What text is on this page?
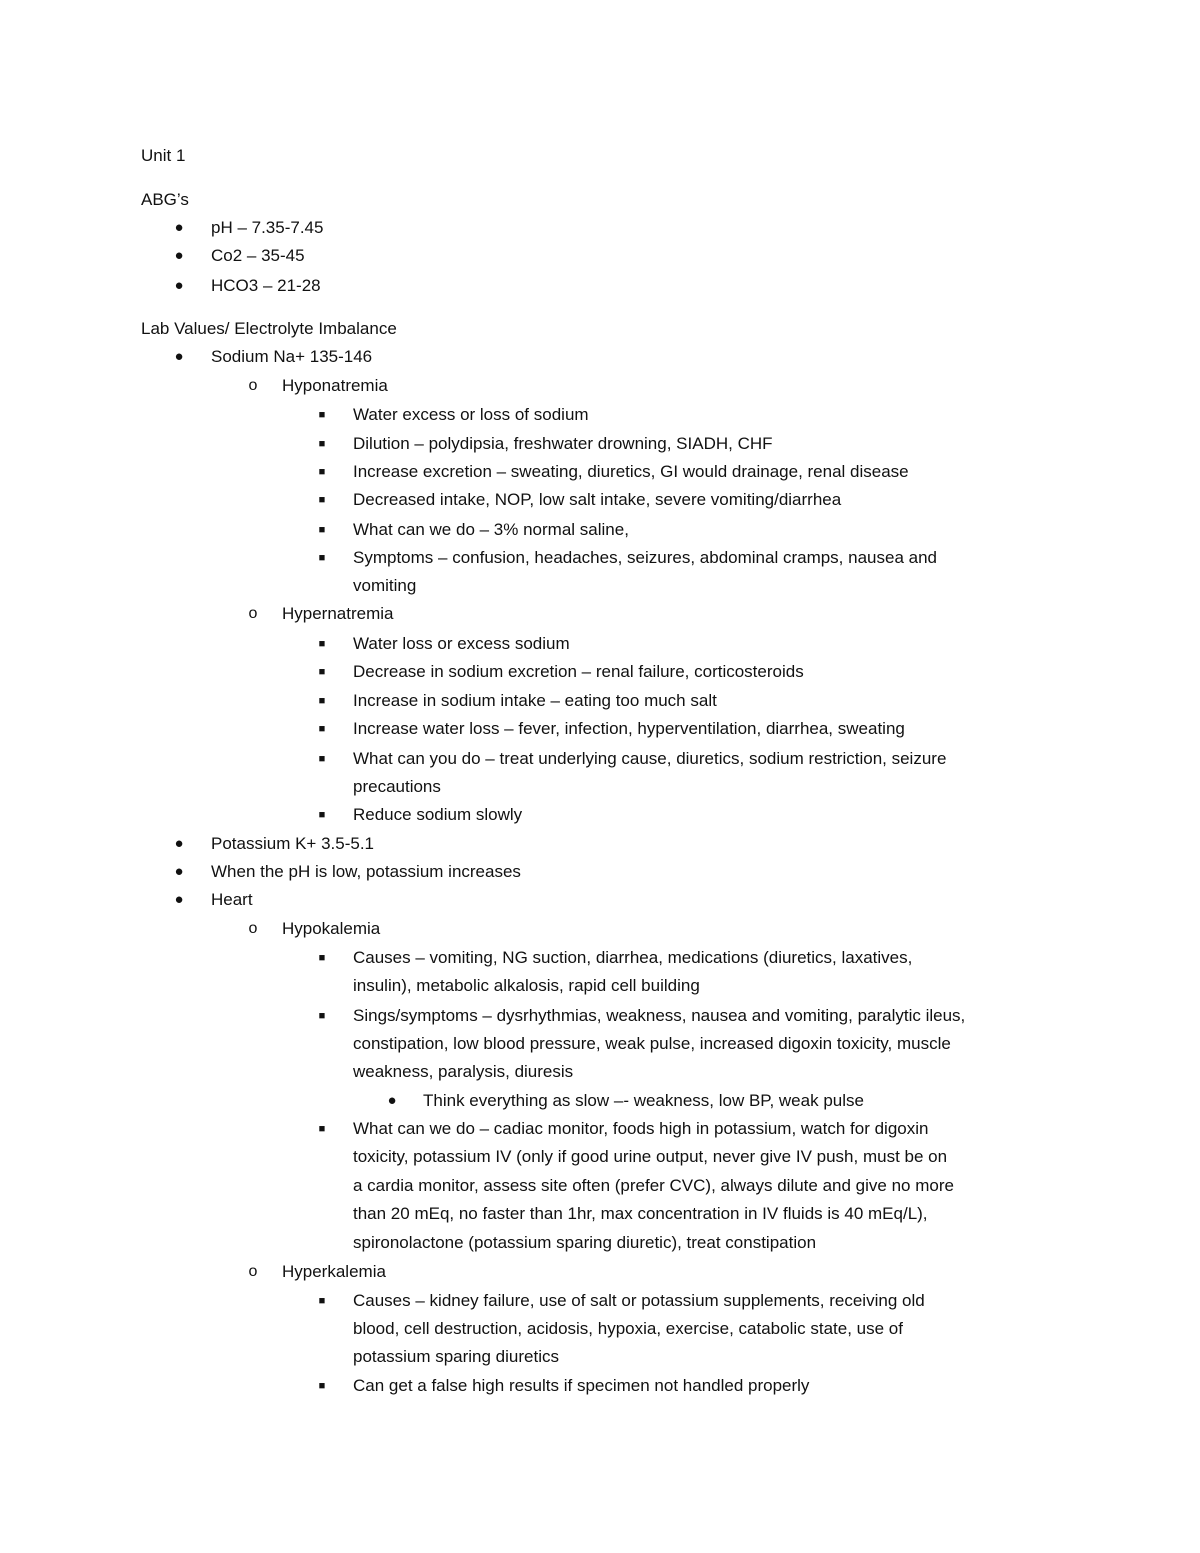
Unit 1
ABG’s
● pH – 7.35-7.45
● Co2 – 35-45
● HCO3 – 21-28
Lab Values/ Electrolyte Imbalance
● Sodium Na+ 135-146
o Hyponatremia
■ Water excess or loss of sodium
■ Dilution – polydipsia, freshwater drowning, SIADH, CHF
■ Increase excretion – sweating, diuretics, GI would drainage, renal disease
■ Decreased intake, NOP, low salt intake, severe vomiting/diarrhea
■ What can we do – 3% normal saline,
■ Symptoms – confusion, headaches, seizures, abdominal cramps, nausea and
vomiting
o Hypernatremia
■ Water loss or excess sodium
■ Decrease in sodium excretion – renal failure, corticosteroids
■ Increase in sodium intake – eating too much salt
■ Increase water loss – fever, infection, hyperventilation, diarrhea, sweating
■ What can you do – treat underlying cause, diuretics, sodium restriction, seizure
precautions
■ Reduce sodium slowly
● Potassium K+ 3.5-5.1
● When the pH is low, potassium increases
● Heart
o Hypokalemia
■ Causes – vomiting, NG suction, diarrhea, medications (diuretics, laxatives,
insulin), metabolic alkalosis, rapid cell building
■ Sings/symptoms – dysrhythmias, weakness, nausea and vomiting, paralytic ileus,
constipation, low blood pressure, weak pulse, increased digoxin toxicity, muscle
weakness, paralysis, diuresis
● Think everything as slow –- weakness, low BP, weak pulse
■ What can we do – cadiac monitor, foods high in potassium, watch for digoxin
toxicity, potassium IV (only if good urine output, never give IV push, must be on
a cardia monitor, assess site often (prefer CVC), always dilute and give no more
than 20 mEq, no faster than 1hr, max concentration in IV fluids is 40 mEq/L),
spironolactone (potassium sparing diuretic), treat constipation
o Hyperkalemia
■ Causes – kidney failure, use of salt or potassium supplements, receiving old
blood, cell destruction, acidosis, hypoxia, exercise, catabolic state, use of
potassium sparing diuretics
■ Can get a false high results if specimen not handled properly
